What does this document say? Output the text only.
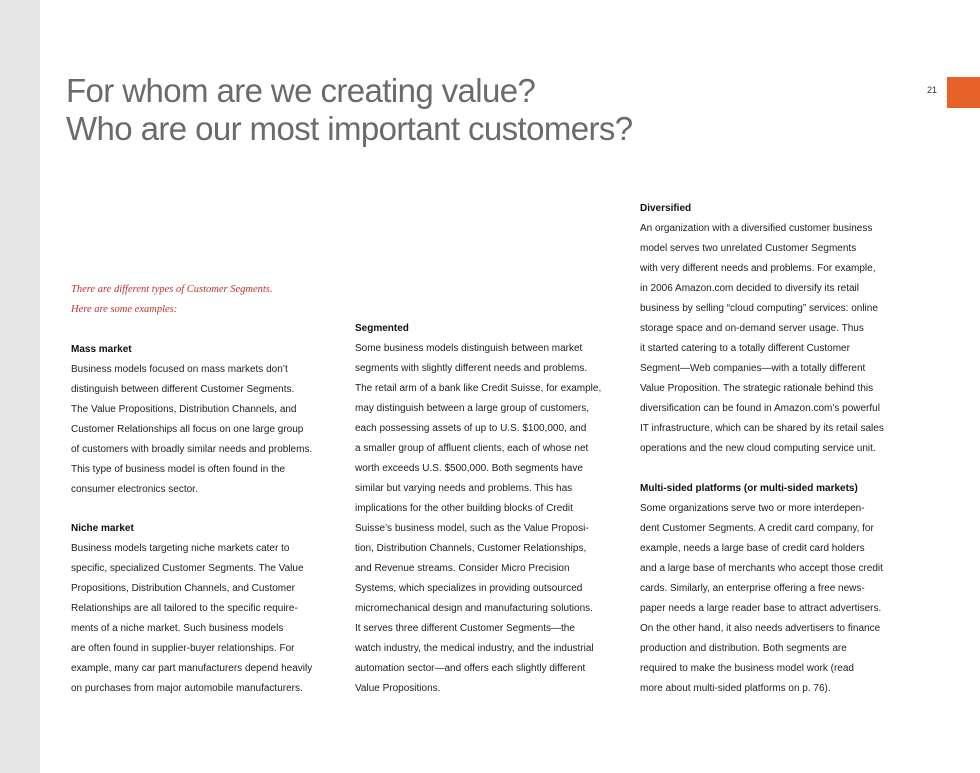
For whom are we creating value?
Who are our most important customers?
21
There are different types of Customer Segments.
Here are some examples:
Mass market

Business models focused on mass markets don’t
distinguish between different Customer Segments.
The Value Propositions, Distribution Channels, and
Customer Relationships all focus on one large group
of customers with broadly similar needs and problems.
This type of business model is often found in the
consumer electronics sector.

Niche market

Business models targeting niche markets cater to
specific, specialized Customer Segments. The Value
Propositions, Distribution Channels, and Customer
Relationships are all tailored to the specific require-
ments of a niche market. Such business models
are often found in supplier-buyer relationships. For
example, many car part manufacturers depend heavily
on purchases from major automobile manufacturers.

Segmented

Some business models distinguish between market
segments with slightly different needs and problems.
The retail arm of a bank like Credit Suisse, for example,
may distinguish between a large group of customers,
each possessing assets of up to U.S. $100,000, and
a smaller group of affluent clients, each of whose net
worth exceeds U.S. $500,000. Both segments have
similar but varying needs and problems. This has
implications for the other building blocks of Credit
Suisse’s business model, such as the Value Proposi-
tion, Distribution Channels, Customer Relationships,
and Revenue streams. Consider Micro Precision
Systems, which specializes in providing outsourced
micromechanical design and manufacturing solutions.
It serves three different Customer Segments—the
watch industry, the medical industry, and the industrial
automation sector—and offers each slightly different
Value Propositions.

Diversified

An organization with a diversified customer business
model serves two unrelated Customer Segments
with very different needs and problems. For example,
in 2006 Amazon.com decided to diversify its retail
business by selling “cloud computing” services: online
storage space and on-demand server usage. Thus
it started catering to a totally different Customer
Segment—Web companies—with a totally different
Value Proposition. The strategic rationale behind this
diversification can be found in Amazon.com’s powerful
IT infrastructure, which can be shared by its retail sales
operations and the new cloud computing service unit.

Multi-sided platforms (or multi-sided markets)

Some organizations serve two or more interdepen-
dent Customer Segments. A credit card company, for
example, needs a large base of credit card holders
and a large base of merchants who accept those credit
cards. Similarly, an enterprise offering a free news-
paper needs a large reader base to attract advertisers.
On the other hand, it also needs advertisers to finance
production and distribution. Both segments are
required to make the business model work (read
more about multi-sided platforms on p. 76).
